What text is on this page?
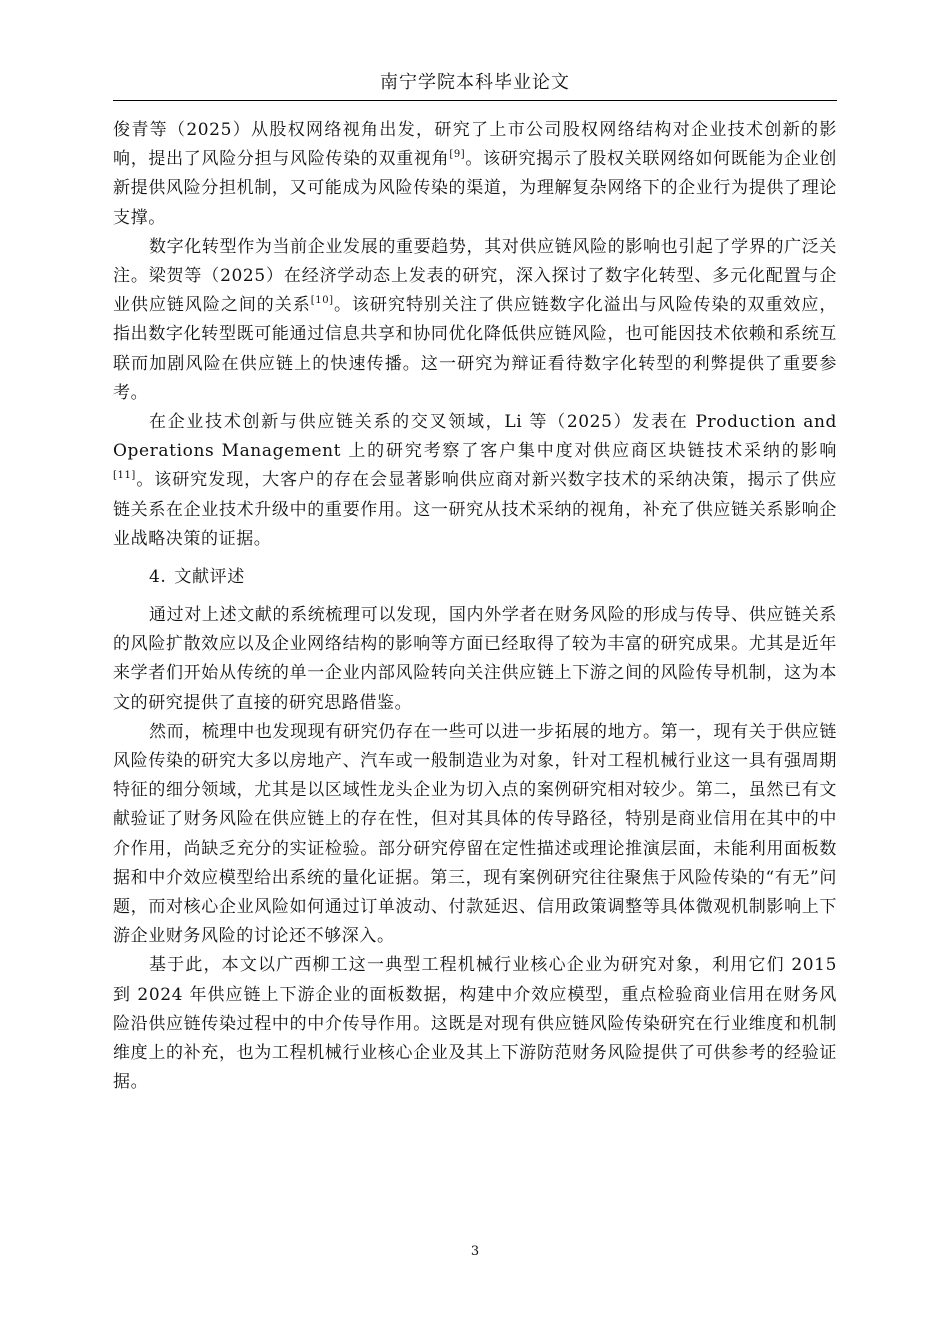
南宁学院本科毕业论文

俊青等（2025）从股权网络视角出发，研究了上市公司股权网络结构对企业技术创新的影响，提出了风险分担与风险传染的双重视角[9]。该研究揭示了股权关联网络如何既能为企业创新提供风险分担机制，又可能成为风险传染的渠道，为理解复杂网络下的企业行为提供了理论支撑。

数字化转型作为当前企业发展的重要趋势，其对供应链风险的影响也引起了学界的广泛关注。梁贺等（2025）在经济学动态上发表的研究，深入探讨了数字化转型、多元化配置与企业供应链风险之间的关系[10]。该研究特别关注了供应链数字化溢出与风险传染的双重效应，指出数字化转型既可能通过信息共享和协同优化降低供应链风险，也可能因技术依赖和系统互联而加剧风险在供应链上的快速传播。这一研究为辩证看待数字化转型的利弊提供了重要参考。

在企业技术创新与供应链关系的交叉领域，Li 等（2025）发表在 Production and Operations Management 上的研究考察了客户集中度对供应商区块链技术采纳的影响[11]。该研究发现，大客户的存在会显著影响供应商对新兴数字技术的采纳决策，揭示了供应链关系在企业技术升级中的重要作用。这一研究从技术采纳的视角，补充了供应链关系影响企业战略决策的证据。

4. 文献评述

通过对上述文献的系统梳理可以发现，国内外学者在财务风险的形成与传导、供应链关系的风险扩散效应以及企业网络结构的影响等方面已经取得了较为丰富的研究成果。尤其是近年来学者们开始从传统的单一企业内部风险转向关注供应链上下游之间的风险传导机制，这为本文的研究提供了直接的研究思路借鉴。

然而，梳理中也发现现有研究仍存在一些可以进一步拓展的地方。第一，现有关于供应链风险传染的研究大多以房地产、汽车或一般制造业为对象，针对工程机械行业这一具有强周期特征的细分领域，尤其是以区域性龙头企业为切入点的案例研究相对较少。第二，虽然已有文献验证了财务风险在供应链上的存在性，但对其具体的传导路径，特别是商业信用在其中的中介作用，尚缺乏充分的实证检验。部分研究停留在定性描述或理论推演层面，未能利用面板数据和中介效应模型给出系统的量化证据。第三，现有案例研究往往聚焦于风险传染的“有无”问题，而对核心企业风险如何通过订单波动、付款延迟、信用政策调整等具体微观机制影响上下游企业财务风险的讨论还不够深入。

基于此，本文以广西柳工这一典型工程机械行业核心企业为研究对象，利用它们 2015 到 2024 年供应链上下游企业的面板数据，构建中介效应模型，重点检验商业信用在财务风险沿供应链传染过程中的中介传导作用。这既是对现有供应链风险传染研究在行业维度和机制维度上的补充，也为工程机械行业核心企业及其上下游防范财务风险提供了可供参考的经验证据。

3
